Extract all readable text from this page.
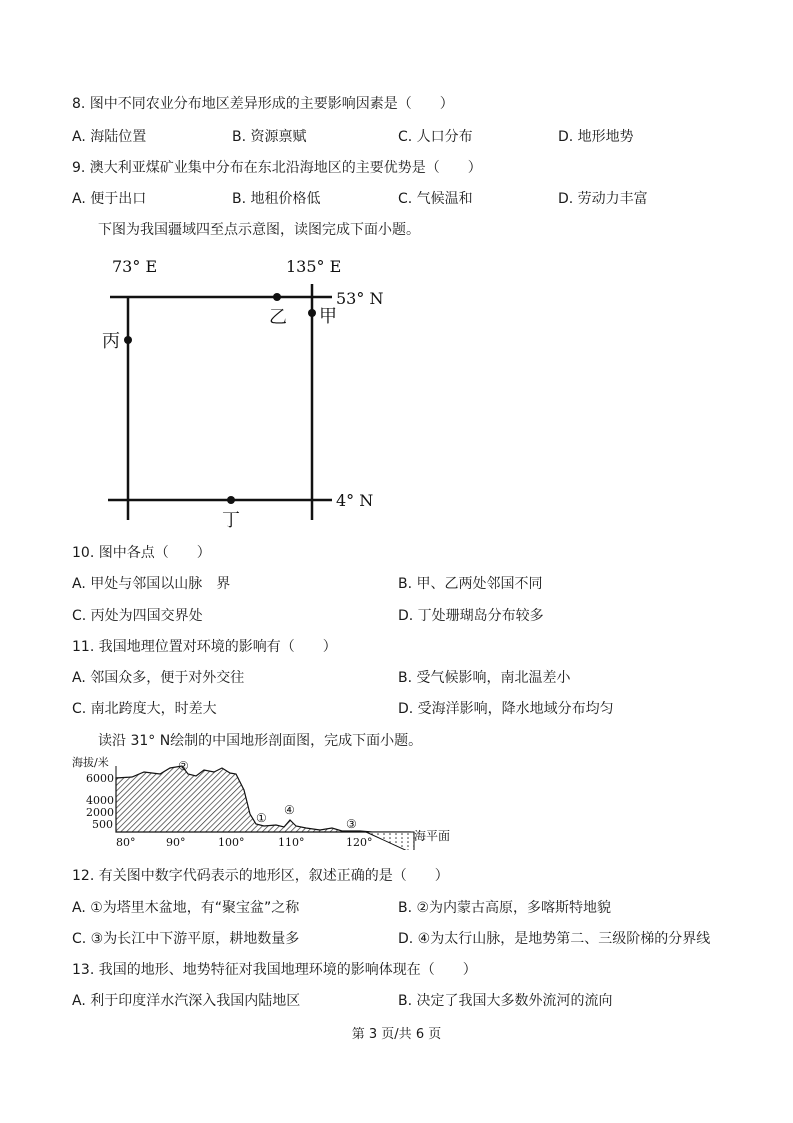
8. 图中不同农业分布地区差异形成的主要影响因素是（　　）
A. 海陆位置	B. 资源禀赋	C. 人口分布	D. 地形地势
9. 澳大利亚煤矿业集中分布在东北沿海地区的主要优势是（　　）
A. 便于出口	B. 地租价格低	C. 气候温和	D. 劳动力丰富
下图为我国疆域四至点示意图，读图完成下面小题。
73° E	135° E
53° N
4° N
乙 甲
丙
丁
10. 图中各点（　　）
A. 甲处与邻国以山脉　界	B. 甲、乙两处邻国不同
C. 丙处为四国交界处	D. 丁处珊瑚岛分布较多
11. 我国地理位置对环境的影响有（　　）
A. 邻国众多，便于对外交往	B. 受气候影响，南北温差小
C. 南北跨度大，时差大	D. 受海洋影响，降水地域分布均匀
读沿 31° N绘制的中国地形剖面图，完成下面小题。
海拔/米
6000
4000
2000
500	①
②
③
④
80°	90°	100°	110°	120°	海平面
12. 有关图中数字代码表示的地形区，叙述正确的是（　　）
A. ①为塔里木盆地，有“聚宝盆”之称	B. ②为内蒙古高原，多喀斯特地貌
C. ③为长江中下游平原，耕地数量多	D. ④为太行山脉，是地势第二、三级阶梯的分界线
13. 我国的地形、地势特征对我国地理环境的影响体现在（　　）
A. 利于印度洋水汽深入我国内陆地区	B. 决定了我国大多数外流河的流向
第 3 页/共 6 页
